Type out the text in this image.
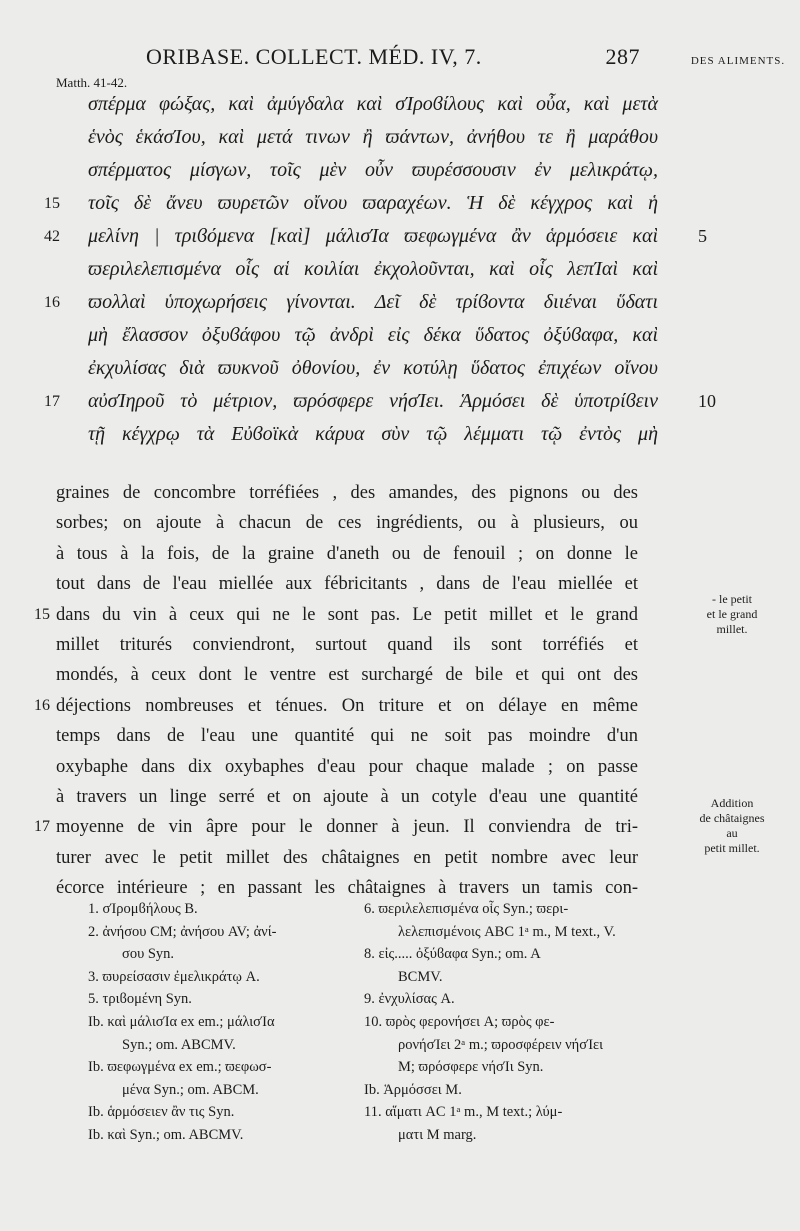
ORIBASE. COLLECT. MÉD. IV, 7.	287
Matth. 41-42.
DES ALIMENTS.
σπέρμα φώξας, καὶ ἀμύγδαλα καὶ σΊροϐίλους καὶ οὖα, καὶ μετὰ
ἑνὸς ἑκάσΊου, καὶ μετά τινων ἢ ϖάντων, ἀνήθου τε ἢ μαράθου
σπέρματος μίσγων, τοῖς μὲν οὖν ϖυρέσσουσιν ἐν μελικράτῳ,
15 τοῖς δὲ ἄνευ ϖυρετῶν οἴνου ϖαραχέων. Ἡ δὲ κέγχρος καὶ ἡ
42 μελίνη | τριϐόμενα [καὶ] μάλισΊα ϖεφωγμένα ἂν ἁρμόσειε καὶ 5
ϖεριλελεπισμένα οἷς αἱ κοιλίαι ἐκχολοῦνται, καὶ οἷς λεπΊαὶ καὶ
16 ϖολλαὶ ὑποχωρήσεις γίνονται. Δεῖ δὲ τρίϐοντα διιέναι ὕδατι
μὴ ἔλασσον ὀξυϐάφου τῷ ἀνδρὶ εἰς δέκα ὕδατος ὀξύϐαφα, καὶ
ἐκχυλίσας διὰ ϖυκνοῦ ὀθονίου, ἐν κοτύλῃ ὕδατος ἐπιχέων οἴνου
17 αὐσΊηροῦ τὸ μέτριον, ϖρόσφερε νήσΊει. Ἁρμόσει δὲ ὑποτρίϐειν 10
τῇ κέγχρῳ τὰ Εὐϐοϊκὰ κάρυα σὺν τῷ λέμματι τῷ ἐντὸς μὴ
graines de concombre torréfiées , des amandes, des pignons ou des
sorbes; on ajoute à chacun de ces ingrédients, ou à plusieurs, ou
à tous à la fois, de la graine d'aneth ou de fenouil ; on donne le
tout dans de l'eau miellée aux fébricitants , dans de l'eau miellée et
15 dans du vin à ceux qui ne le sont pas. Le petit millet et le grand
millet triturés conviendront, surtout quand ils sont torréfiés et
mondés, à ceux dont le ventre est surchargé de bile et qui ont des
16 déjections nombreuses et ténues. On triture et on délaye en même
temps dans de l'eau une quantité qui ne soit pas moindre d'un
oxybaphe dans dix oxybaphes d'eau pour chaque malade ; on passe
à travers un linge serré et on ajoute à un cotyle d'eau une quantité
17 moyenne de vin âpre pour le donner à jeun. Il conviendra de tri-
turer avec le petit millet des châtaignes en petit nombre avec leur
écorce intérieure ; en passant les châtaignes à travers un tamis con-
- le petit
et le grand
millet.
Addition
de châtaignes
au
petit millet.
1. σΊρομϐήλους B.
2. ἀνήσου CM; ἀνήσου AV; ἀνί-
σου Syn.
3. ϖυρείσασιν ἐμελικράτῳ A.
5. τριϐομένη Syn.
Ib. καὶ μάλισΊα ex em.; μάλισΊα
Syn.; om. ABCMV.
Ib. ϖεφωγμένα ex em.; ϖεφωσ-
μένα Syn.; om. ABCM.
Ib. ἁρμόσειεν ἂν τις Syn.
Ib. καὶ Syn.; om. ABCMV.
6. ϖεριλελεπισμένα οἷς Syn.; ϖερι-
λελεπισμένοις ABC 1ᵃ m., M text., V.
8. εἰς..... ὀξύϐαφα Syn.; om. A
BCMV.
9. ἐνχυλίσας A.
10. ϖρὸς φερονήσει A; ϖρὸς φε-
ρονήσΊει 2ᵃ m.; ϖροσφέρειν νήσΊει
M; ϖρόσφερε νήσΊι Syn.
Ib. Ἁρμόσσει M.
11. αἵματι AC 1ᵃ m., M text.; λύμ-
ματι M marg.
